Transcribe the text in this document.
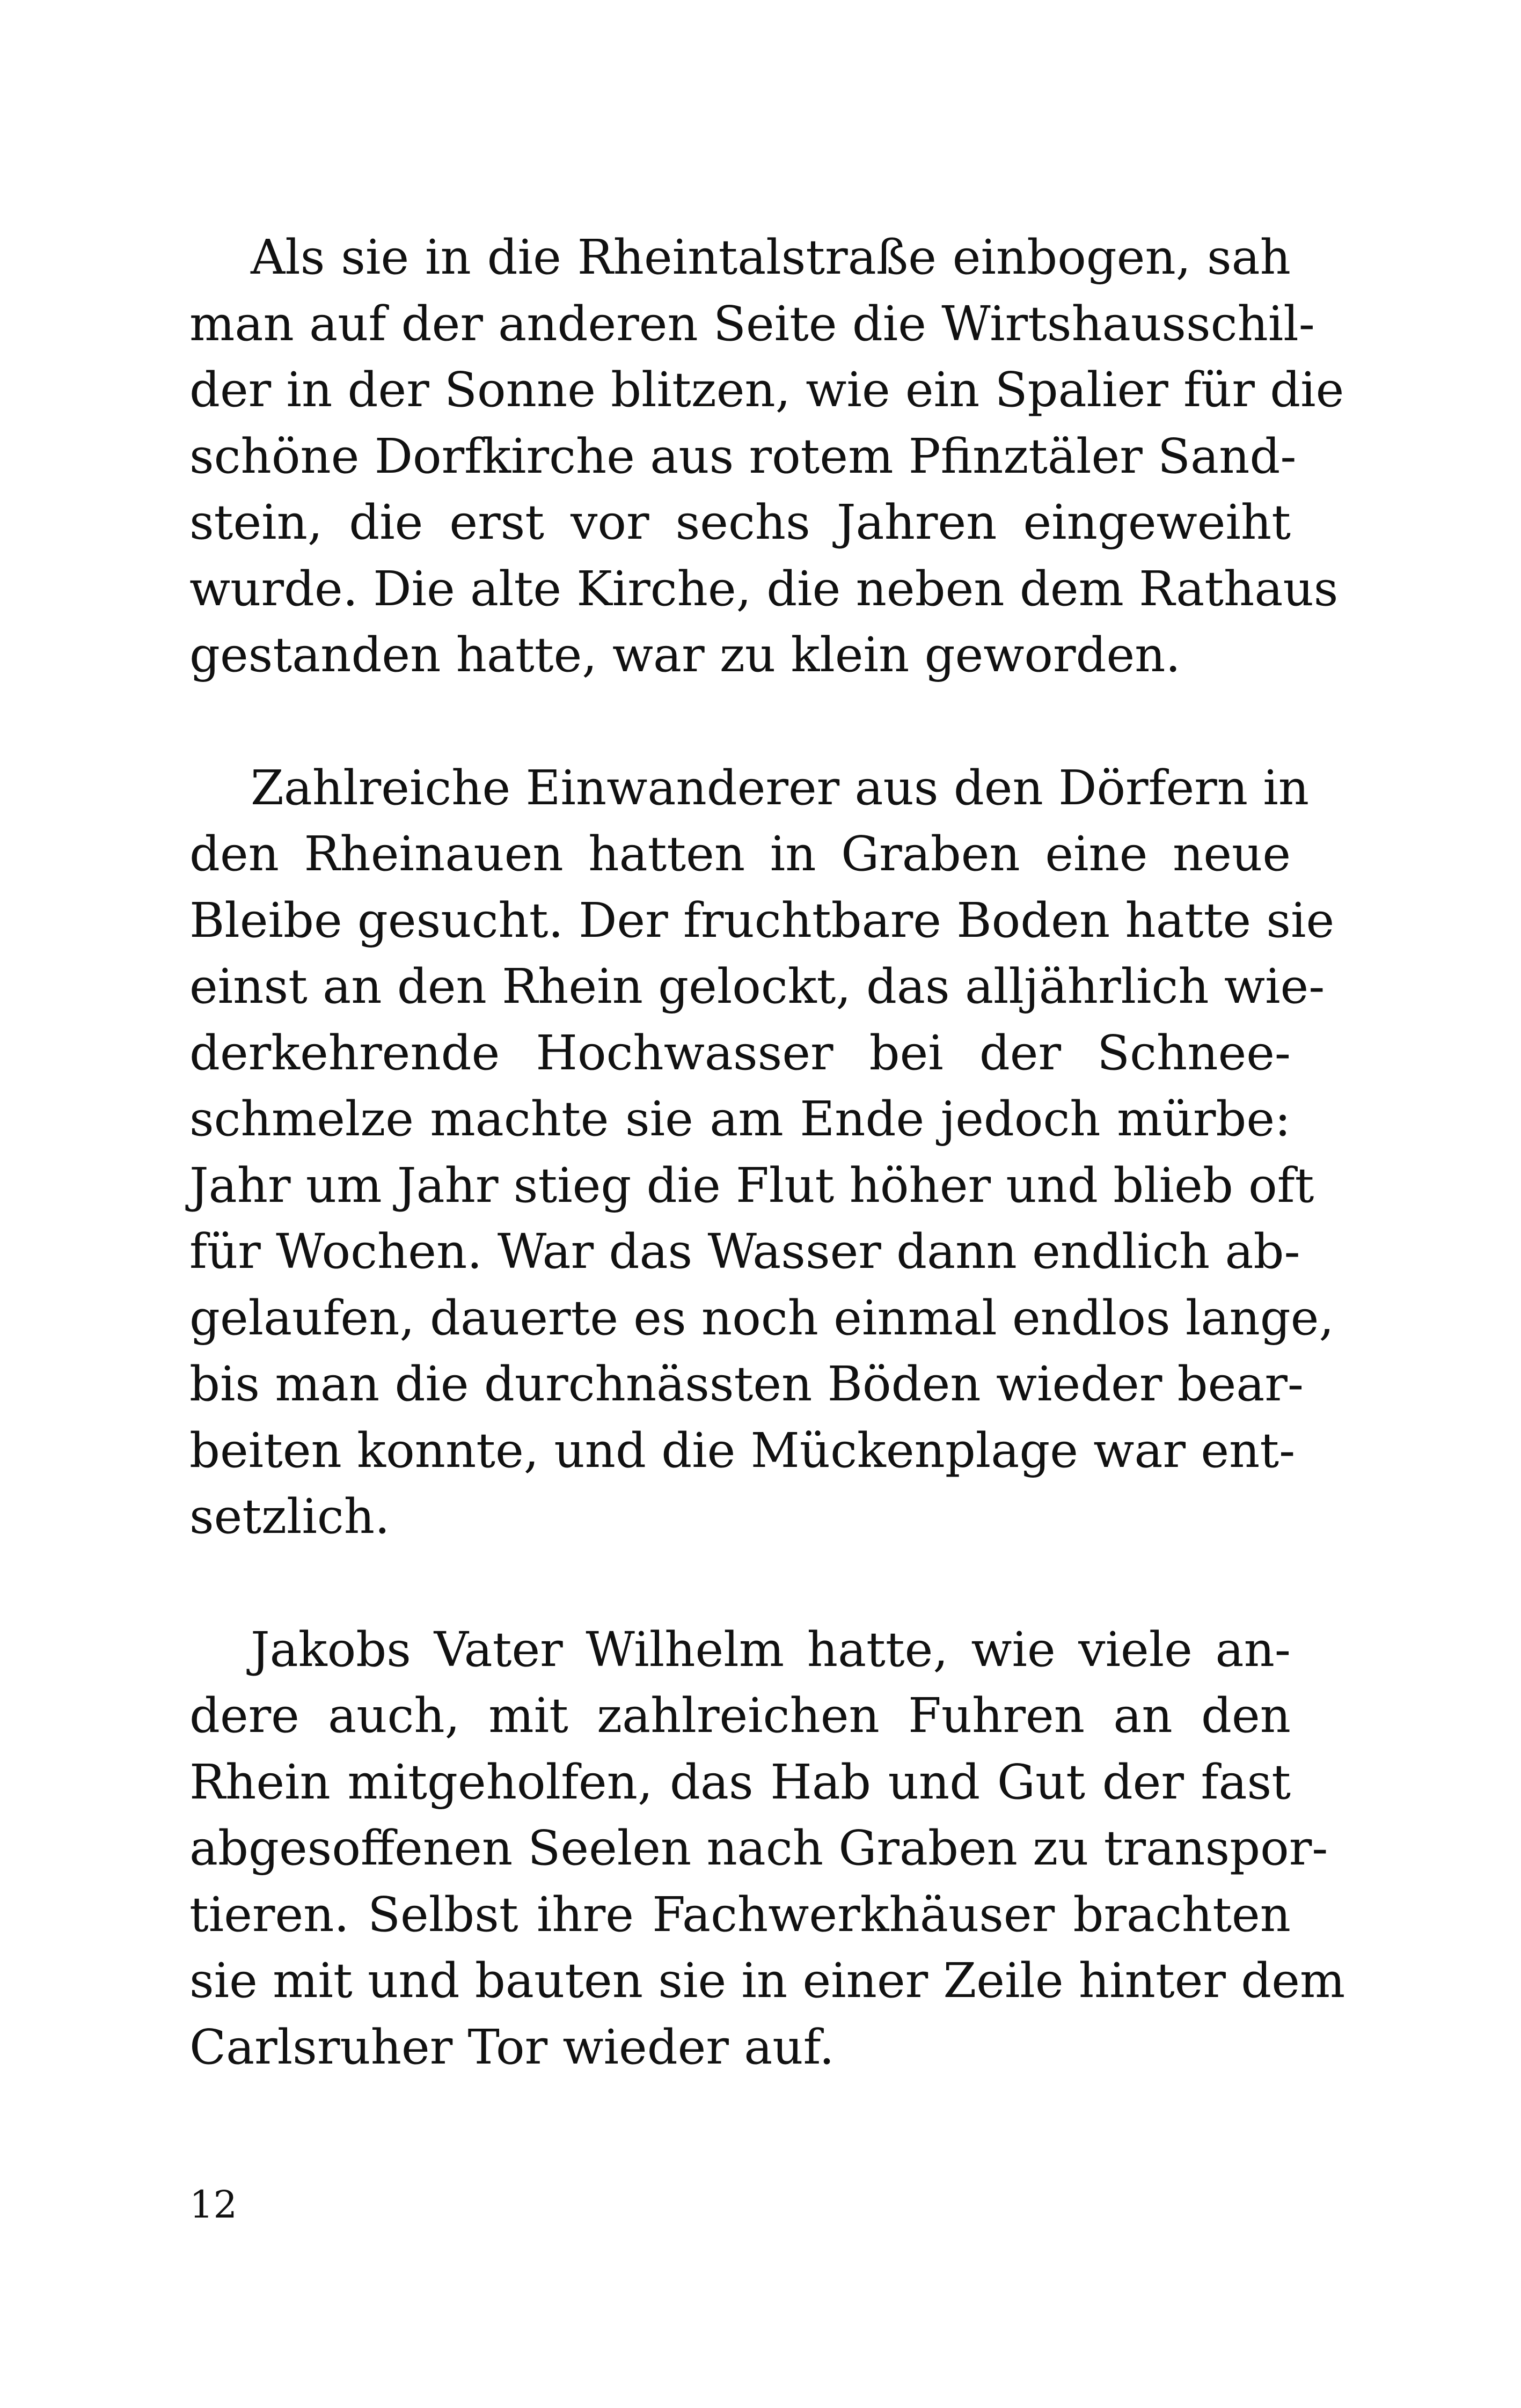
Als sie in die Rheintalstraße einbogen, sah
man auf der anderen Seite die Wirtshausschil-
der in der Sonne blitzen, wie ein Spalier für die
schöne Dorfkirche aus rotem Pfinztäler Sand-
stein, die erst vor sechs Jahren eingeweiht
wurde. Die alte Kirche, die neben dem Rathaus
gestanden hatte, war zu klein geworden.

Zahlreiche Einwanderer aus den Dörfern in
den Rheinauen hatten in Graben eine neue
Bleibe gesucht. Der fruchtbare Boden hatte sie
einst an den Rhein gelockt, das alljährlich wie-
derkehrende Hochwasser bei der Schnee-
schmelze machte sie am Ende jedoch mürbe:
Jahr um Jahr stieg die Flut höher und blieb oft
für Wochen. War das Wasser dann endlich ab-
gelaufen, dauerte es noch einmal endlos lange,
bis man die durchnässten Böden wieder bear-
beiten konnte, und die Mückenplage war ent-
setzlich.

Jakobs Vater Wilhelm hatte, wie viele an-
dere auch, mit zahlreichen Fuhren an den
Rhein mitgeholfen, das Hab und Gut der fast
abgesoffenen Seelen nach Graben zu transpor-
tieren. Selbst ihre Fachwerkhäuser brachten
sie mit und bauten sie in einer Zeile hinter dem
Carlsruher Tor wieder auf.

12
